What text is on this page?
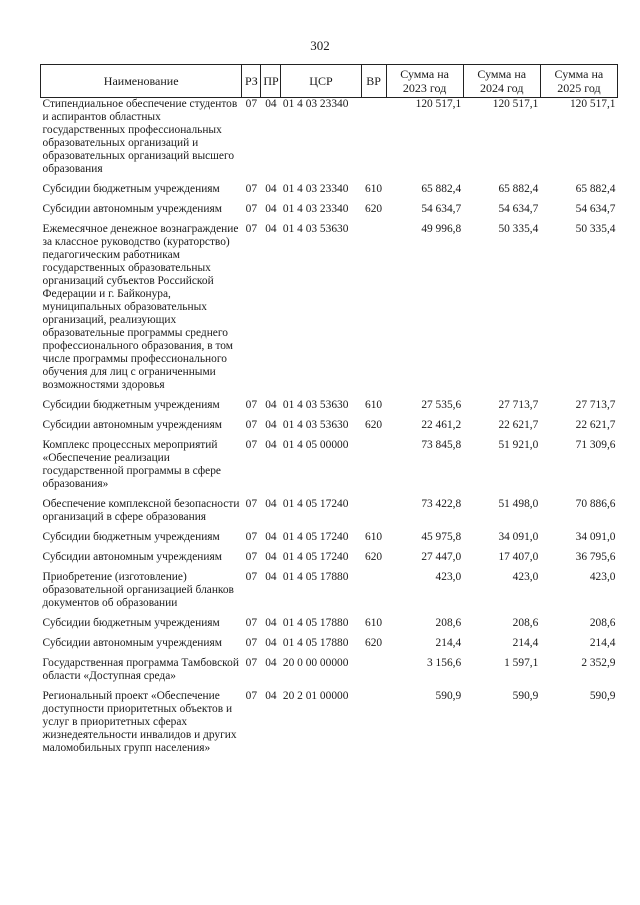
302
Наименование	РЗ	ПР	ЦСР	ВР	Сумма на 2023 год	Сумма на 2024 год	Сумма на 2025 год
Стипендиальное обеспечение студентов и аспирантов областных государственных профессиональных образовательных организаций и образовательных организаций высшего образования	07	04	01 4 03 23340		120 517,1	120 517,1	120 517,1

Субсидии бюджетным учреждениям	07	04	01 4 03 23340	610	65 882,4	65 882,4	65 882,4

Субсидии автономным учреждениям	07	04	01 4 03 23340	620	54 634,7	54 634,7	54 634,7

Ежемесячное денежное вознаграждение за классное руководство (кураторство) педагогическим работникам государственных образовательных организаций субъектов Российской Федерации и г. Байконура, муниципальных образовательных организаций, реализующих образовательные программы среднего профессионального образования, в том числе программы профессионального обучения для лиц с ограниченными возможностями здоровья	07	04	01 4 03 53630		49 996,8	50 335,4	50 335,4

Субсидии бюджетным учреждениям	07	04	01 4 03 53630	610	27 535,6	27 713,7	27 713,7

Субсидии автономным учреждениям	07	04	01 4 03 53630	620	22 461,2	22 621,7	22 621,7

Комплекс процессных мероприятий «Обеспечение реализации государственной программы в сфере образования»	07	04	01 4 05 00000		73 845,8	51 921,0	71 309,6

Обеспечение комплексной безопасности организаций в сфере образования	07	04	01 4 05 17240		73 422,8	51 498,0	70 886,6

Субсидии бюджетным учреждениям	07	04	01 4 05 17240	610	45 975,8	34 091,0	34 091,0

Субсидии автономным учреждениям	07	04	01 4 05 17240	620	27 447,0	17 407,0	36 795,6

Приобретение (изготовление) образовательной организацией бланков документов об образовании	07	04	01 4 05 17880		423,0	423,0	423,0

Субсидии бюджетным учреждениям	07	04	01 4 05 17880	610	208,6	208,6	208,6

Субсидии автономным учреждениям	07	04	01 4 05 17880	620	214,4	214,4	214,4

Государственная программа Тамбовской области «Доступная среда»	07	04	20 0 00 00000		3 156,6	1 597,1	2 352,9

Региональный проект «Обеспечение доступности приоритетных объектов и услуг в приоритетных сферах жизнедеятельности инвалидов и других маломобильных групп населения»	07	04	20 2 01 00000		590,9	590,9	590,9
